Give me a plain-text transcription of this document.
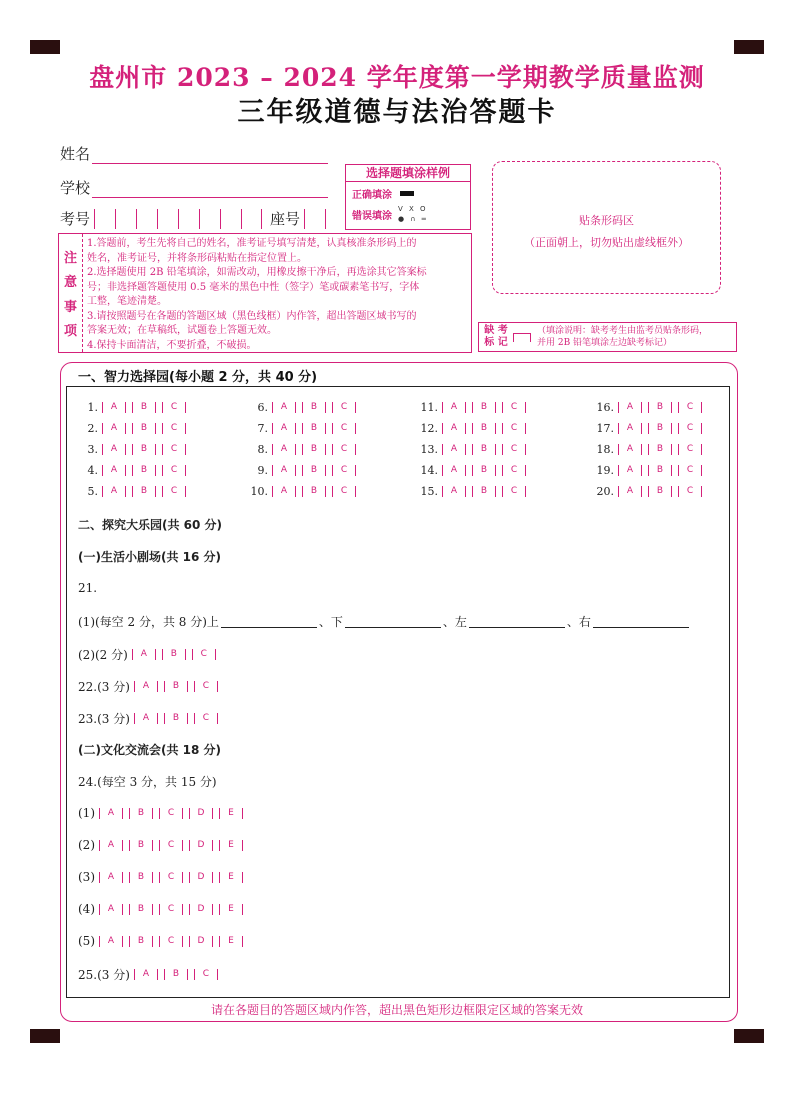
盘州市 2023 – 2024 学年度第一学期教学质量监测
三年级道德与法治答题卡
姓名
学校
考号	座号
选择题填涂样例
正确填涂
错误填涂
V X O
● ∩ ═	贴条形码区
（正面朝上，切勿贴出虚线框外）
注
意
事
项
1.答题前，考生先将自己的姓名，准考证号填写清楚，认真核准条形码上的
姓名，准考证号，并将条形码粘贴在指定位置上。
2.选择题使用 2B 铅笔填涂，如需改动，用橡皮擦干净后，再选涂其它答案标
号；非选择题答题使用 0.5 毫米的黑色中性（签字）笔或碳素笔书写，字体
工整，笔迹清楚。
3.请按照题号在各题的答题区域（黑色线框）内作答，超出答题区域书写的
答案无效；在草稿纸，试题卷上答题无效。
4.保持卡面清洁，不要折叠，不破损。
缺 考
标 记
（填涂说明：缺考考生由监考员贴条形码，
并用 2B 铅笔填涂左边缺考标记）
一、智力选择园(每小题 2 分，共 40 分)
1.	A	B	C
2.	A	B	C
3.	A	B	C
4.	A	B	C
5.	A	B	C
6.	A	B	C
7.	A	B	C
8.	A	B	C
9.	A	B	C
10.	A	B	C
11.	A	B	C
12.	A	B	C
13.	A	B	C
14.	A	B	C
15.	A	B	C
16.	A	B	C
17.	A	B	C
18.	A	B	C
19.	A	B	C
20.	A	B	C
二、探究大乐园(共 60 分)
(一)生活小剧场(共 16 分)
21.
(1)(每空 2 分，共 8 分)上	、下	、左	、右
(2)(2 分)	A	B	C
22.(3 分)	A	B	C
23.(3 分)	A	B	C
(1)	A	B	C	D	E
(2)	A	B	C	D	E
(3)	A	B	C	D	E
(4)	A	B	C	D	E
(5)	A	B	C	D	E
25.(3 分)	A	B	C
(二)文化交流会(共 18 分)
24.(每空 3 分，共 15 分)
请在各题目的答题区域内作答，超出黑色矩形边框限定区域的答案无效
